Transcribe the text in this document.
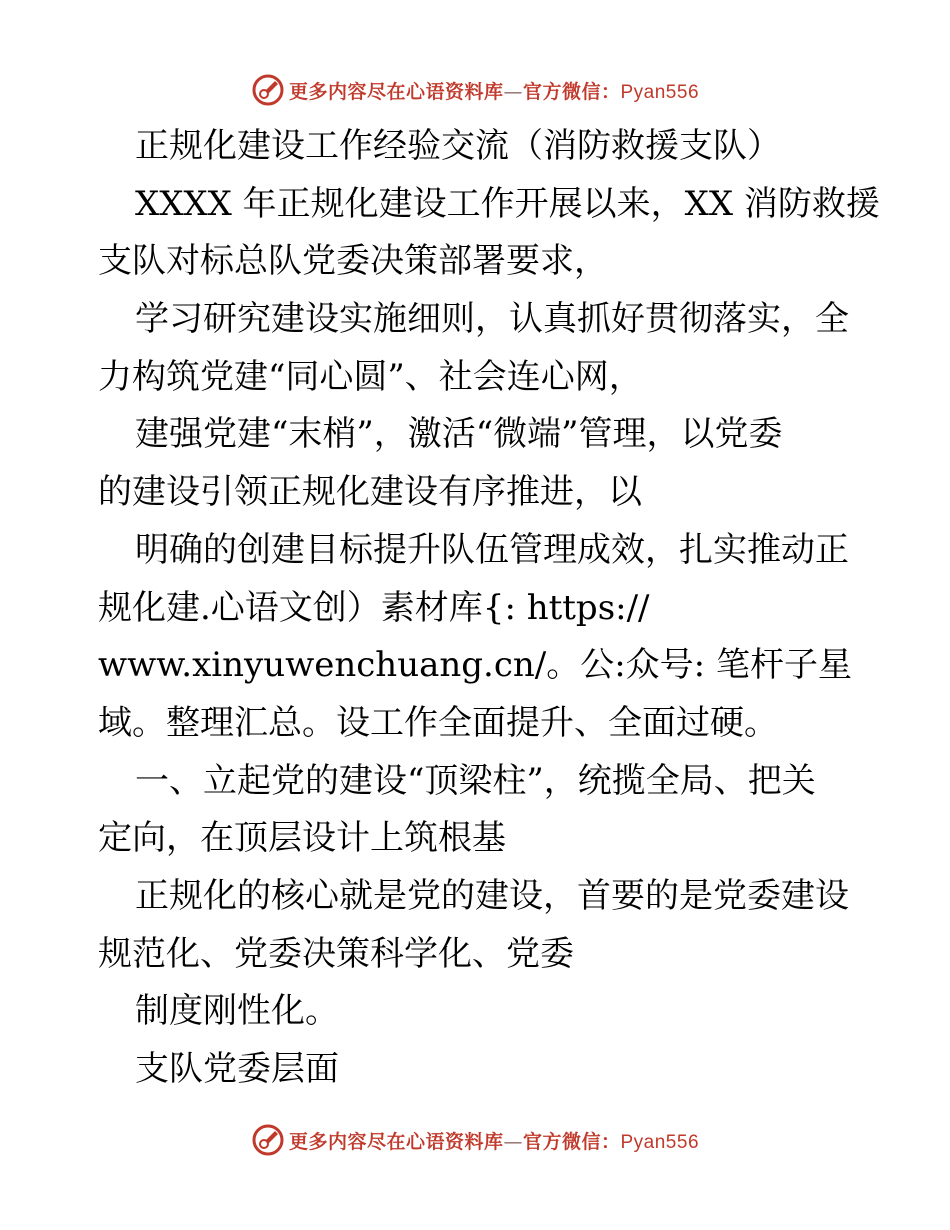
更多内容尽在心语资料库—官方微信：Pyan556
正规化建设工作经验交流（消防救援支队）
XXXX 年正规化建设工作开展以来，XX 消防救援
支队对标总队党委决策部署要求，
学习研究建设实施细则，认真抓好贯彻落实，全
力构筑党建“同心圆”、社会连心网，
建强党建“末梢”，激活“微端”管理，以党委
的建设引领正规化建设有序推进，以
明确的创建目标提升队伍管理成效，扎实推动正
规化建.心语文创）素材库{: https://
www.xinyuwenchuang.cn/。公:众号: 笔杆子星
域。整理汇总。设工作全面提升、全面过硬。
一、立起党的建设“顶梁柱”，统揽全局、把关
定向，在顶层设计上筑根基
正规化的核心就是党的建设，首要的是党委建设
规范化、党委决策科学化、党委
制度刚性化。
支队党委层面
更多内容尽在心语资料库—官方微信：Pyan556
